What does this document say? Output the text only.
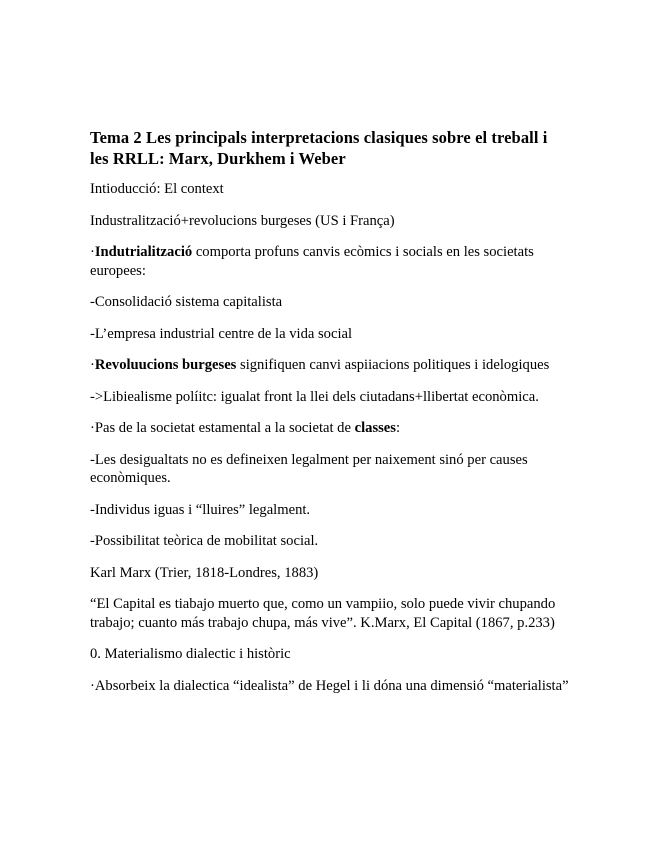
Tema 2 Les principals interpretacions clasiques sobre el treball i les RRLL: Marx, Durkhem i Weber
Intioducció: El context
Industralització+revolucions burgeses (US i França)
·Indutrialització comporta profuns canvis ecòmics i socials en les societats europees:
-Consolidació sistema capitalista
-L’empresa industrial centre de la vida social
·Revoluucions burgeses signifiquen canvi aspiiacions politiques i idelogiques
->Libiealisme políitc: igualat front la llei dels ciutadans+llibertat econòmica.
·Pas de la societat estamental a la societat de classes:
-Les desigualtats no es defineixen legalment per naixement sinó per causes econòmiques.
-Individus iguas i “lluires” legalment.
-Possibilitat teòrica de mobilitat social.
Karl Marx (Trier, 1818-Londres, 1883)
“El Capital es tiabajo muerto que, como un vampiio, solo puede vivir chupando trabajo; cuanto más trabajo chupa, más vive”. K.Marx, El Capital (1867, p.233)
0. Materialismo dialectic i històric
·Absorbeix la dialectica “idealista” de Hegel i li dóna una dimensió “materialista”
